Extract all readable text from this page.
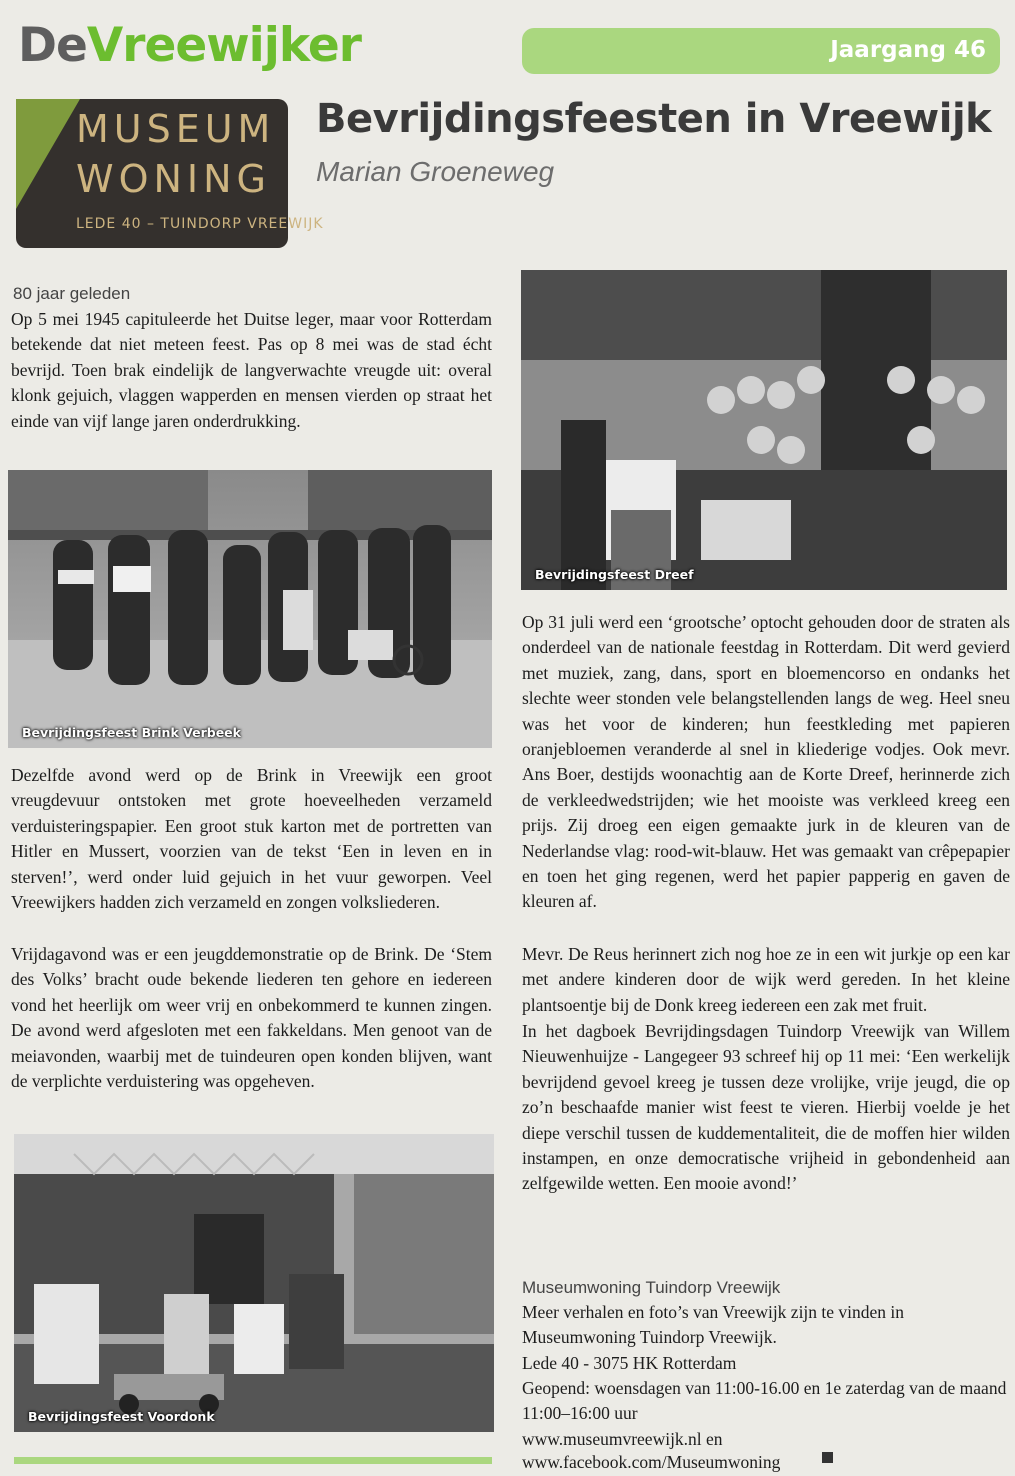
DeVreewijker	Jaargang 46
MUSEUM
WONING
LEDE 40 – TUINDORP VREEWIJK
Bevrijdingsfeesten in Vreewijk
Marian Groeneweg
80 jaar geleden

Op 5 mei 1945 capituleerde het Duitse leger, maar voor Rotterdam betekende dat niet meteen feest. Pas op 8 mei was de stad écht bevrijd. Toen brak eindelijk de langverwachte vreugde uit: overal klonk gejuich, vlaggen wapperden en mensen vierden op straat het einde van vijf lange jaren onderdrukking.

Bevrijdingsfeest Brink Verbeek

Dezelfde avond werd op de Brink in Vreewijk een groot vreugdevuur ontstoken met grote hoeveelheden verzameld verduisteringspapier. Een groot stuk karton met de portretten van Hitler en Mussert, voorzien van de tekst ‘Een in leven en in sterven!’, werd onder luid gejuich in het vuur geworpen. Veel Vreewijkers hadden zich verzameld en zongen volksliederen.

Vrijdagavond was er een jeugddemonstratie op de Brink. De ‘Stem des Volks’ bracht oude bekende liederen ten gehore en iedereen vond het heerlijk om weer vrij en onbekommerd te kunnen zingen. De avond werd afgesloten met een fakkeldans. Men genoot van de meiavonden, waarbij met de tuindeuren open konden blijven, want de verplichte verduistering was opgeheven.

Bevrijdingsfeest Voordonk
Bevrijdingsfeest Dreef

Op 31 juli werd een ‘grootsche’ optocht gehouden door de straten als onderdeel van de nationale feestdag in Rotterdam. Dit werd gevierd met muziek, zang, dans, sport en bloemencorso en ondanks het slechte weer stonden vele belangstellenden langs de weg. Heel sneu was het voor de kinderen; hun feestkleding met papieren oranjebloemen veranderde al snel in kliederige vodjes. Ook mevr. Ans Boer, destijds woonachtig aan de Korte Dreef, herinnerde zich de verkleedwedstrijden; wie het mooiste was verkleed kreeg een prijs. Zij droeg een eigen gemaakte jurk in de kleuren van de Nederlandse vlag: rood-wit-blauw. Het was gemaakt van crêpepapier en toen het ging regenen, werd het papier papperig en gaven de kleuren af.

Mevr. De Reus herinnert zich nog hoe ze in een wit jurkje op een kar met andere kinderen door de wijk werd gereden. In het kleine plantsoentje bij de Donk kreeg iedereen een zak met fruit.

In het dagboek Bevrijdingsdagen Tuindorp Vreewijk van Willem Nieuwenhuijze - Langegeer 93 schreef hij op 11 mei: ‘Een werkelijk bevrijdend gevoel kreeg je tussen deze vrolijke, vrije jeugd, die op zo’n beschaafde manier wist feest te vieren. Hierbij voelde je het diepe verschil tussen de kuddementaliteit, die de moffen hier wilden instampen, en onze democratische vrijheid in gebondenheid aan zelfgewilde wetten. Een mooie avond!’

Museumwoning Tuindorp Vreewijk

Meer verhalen en foto’s van Vreewijk zijn te vinden in Museumwoning Tuindorp Vreewijk.

Lede 40 - 3075 HK Rotterdam

Geopend: woensdagen van 11:00-16.00 en 1e zaterdag van de maand 11:00–16:00 uur

www.museumvreewijk.nl en

www.facebook.com/Museumwoning
